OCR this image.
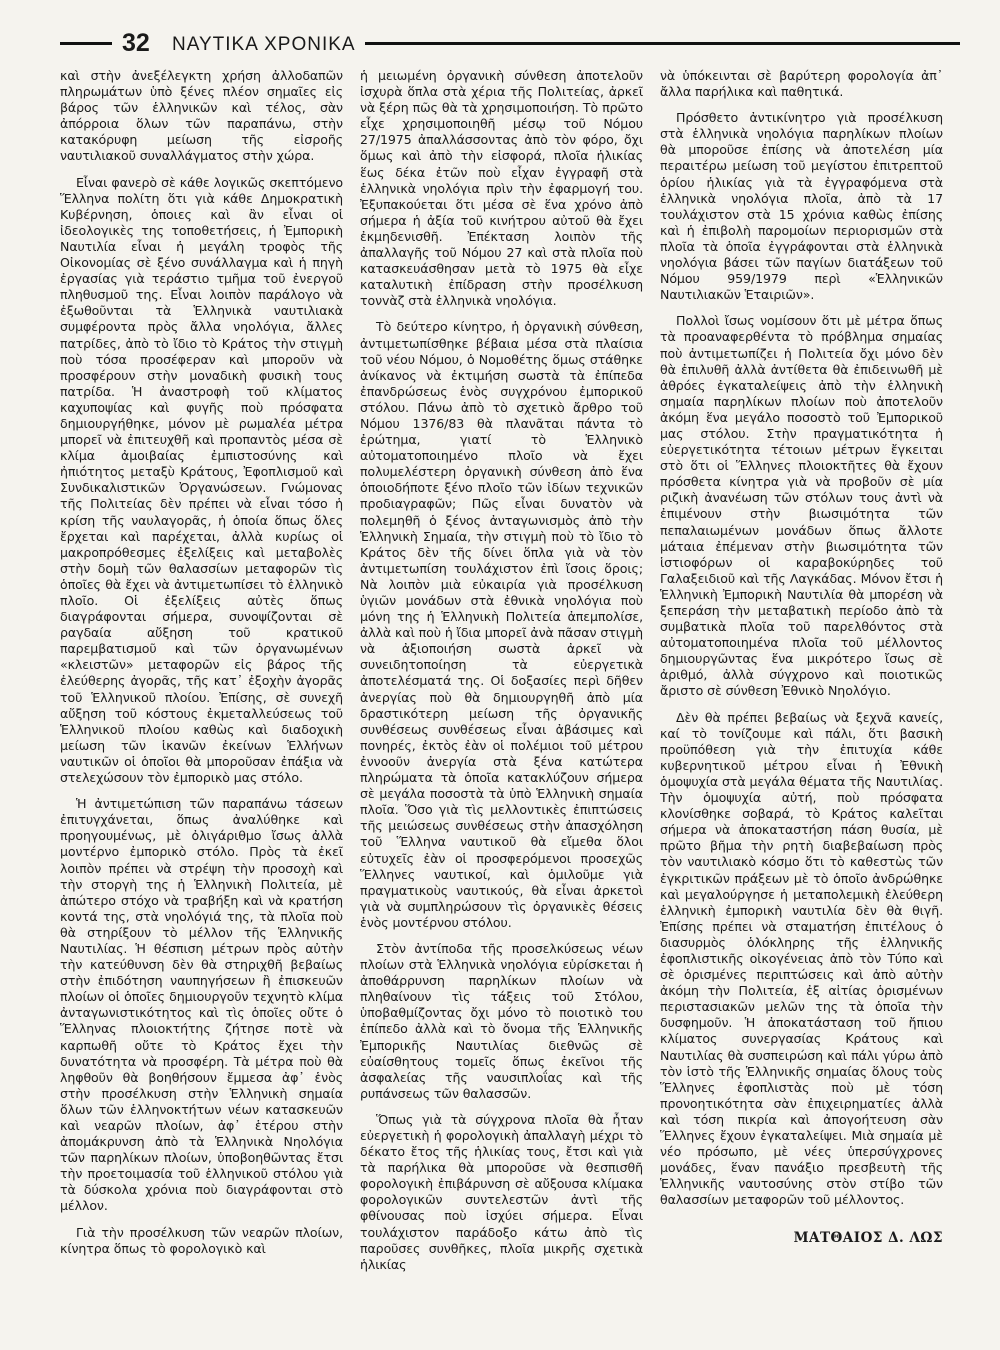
32 ΝΑΥΤΙΚΑ ΧΡΟΝΙΚΑ

καὶ στὴν ἀνεξέλεγκτη χρήση ἀλλοδαπῶν πληρωμάτων ὑπὸ ξένες πλέον σημαῖες εἰς βάρος τῶν ἑλληνικῶν καὶ τέλος, σὰν ἀπόρροια ὅλων τῶν παραπάνω, στὴν κατακόρυφη μείωση τῆς εἰσροῆς ναυτιλιακοῦ συναλλάγματος στὴν χώρα.

Εἶναι φανερὸ σὲ κάθε λογικῶς σκεπτόμενο Ἕλληνα πολίτη ὅτι γιὰ κάθε Δημοκρατικὴ Κυβέρνηση, ὁποιες καὶ ἂν εἶναι οἱ ἰδεολογικὲς της τοποθετήσεις, ἡ Ἐμπορικὴ Ναυτιλία εἶναι ἡ μεγάλη τροφὸς τῆς Οἰκονομίας σὲ ξένο συνάλλαγμα καὶ ἡ πηγὴ ἐργασίας γιὰ τεράστιο τμῆμα τοῦ ἐνεργοῦ πληθυσμοῦ της. Εἶναι λοιπὸν παράλογο νὰ ἐξωθοῦνται τὰ Ἑλληνικὰ ναυτιλιακὰ συμφέροντα πρὸς ἄλλα νηολόγια, ἄλλες πατρίδες, ἀπὸ τὸ ἴδιο τὸ Κράτος τὴν στιγμὴ ποὺ τόσα προσέφεραν καὶ μποροῦν νὰ προσφέρουν στὴν μοναδικὴ φυσικὴ τους πατρίδα. Ἡ ἀναστροφὴ τοῦ κλίματος καχυποψίας καὶ φυγῆς ποὺ πρόσφατα δημιουργήθηκε, μόνον μὲ ρωμαλέα μέτρα μπορεῖ νὰ ἐπιτευχθῆ καὶ προπαντὸς μέσα σὲ κλίμα ἀμοιβαίας ἐμπιστοσύνης καὶ ἠπιότητος μεταξὺ Κράτους, Ἐφοπλισμοῦ καὶ Συνδικαλιστικῶν Ὀργανώσεων. Γνώμονας τῆς Πολιτείας δὲν πρέπει νὰ εἶναι τόσο ἡ κρίση τῆς ναυλαγορᾶς, ἡ ὁποία ὅπως ὅλες ἔρχεται καὶ παρέχεται, ἀλλὰ κυρίως οἱ μακροπρόθεσμες ἐξελίξεις καὶ μεταβολὲς στὴν δομὴ τῶν θαλασσίων μεταφορῶν τὶς ὁποῖες θὰ ἔχει νὰ ἀντιμετωπίσει τὸ ἑλληνικὸ πλοῖο. Οἱ ἐξελίξεις αὐτὲς ὅπως διαγράφονται σήμερα, συνοψίζονται σὲ ραγδαία αὔξηση τοῦ κρατικοῦ παρεμβατισμοῦ καὶ τῶν ὀργανωμένων «κλειστῶν» μεταφορῶν εἰς βάρος τῆς ἐλεύθερης ἀγορᾶς, τῆς κατ᾽ ἐξοχὴν ἀγορᾶς τοῦ Ἑλληνικοῦ πλοίου. Ἐπίσης, σὲ συνεχῆ αὔξηση τοῦ κόστους ἐκμεταλλεύσεως τοῦ Ἑλληνικοῦ πλοίου καθὼς καὶ διαδοχικὴ μείωση τῶν ἱκανῶν ἐκείνων Ἑλλήνων ναυτικῶν οἱ ὁποῖοι θὰ μποροῦσαν ἐπάξια νὰ στελεχώσουν τὸν ἐμπορικὸ μας στόλο.

Ἡ ἀντιμετώπιση τῶν παραπάνω τάσεων ἐπιτυγχάνεται, ὅπως ἀναλύθηκε καὶ προηγουμένως, μὲ ὀλιγάριθμο ἴσως ἀλλὰ μοντέρνο ἐμπορικὸ στόλο. Πρὸς τὰ ἐκεῖ λοιπὸν πρέπει νὰ στρέψη τὴν προσοχὴ καὶ τὴν στοργὴ της ἡ Ἑλληνικὴ Πολιτεία, μὲ ἀπώτερο στόχο νὰ τραβήξη καὶ νὰ κρατήση κοντά της, στὰ νηολόγιά της, τὰ πλοῖα ποὺ θὰ στηρίξουν τὸ μέλλον τῆς Ἑλληνικῆς Ναυτιλίας. Ἡ θέσπιση μέτρων πρὸς αὐτὴν τὴν κατεύθυνση δὲν θὰ στηριχθῆ βεβαίως στὴν ἐπιδότηση ναυπηγήσεων ἢ ἐπισκευῶν πλοίων οἱ ὁποῖες δημιουργοῦν τεχνητὸ κλίμα ἀνταγωνιστικότητος καὶ τὶς ὁποῖες οὔτε ὁ Ἕλληνας πλοιοκτήτης ζήτησε ποτὲ νὰ καρπωθῆ οὔτε τὸ Κράτος ἔχει τὴν δυνατότητα νὰ προσφέρη. Τὰ μέτρα ποὺ θὰ ληφθοῦν θὰ βοηθήσουν ἔμμεσα ἀφ᾽ ἑνὸς στὴν προσέλκυση στὴν Ἑλληνικὴ σημαία ὅλων τῶν ἑλληνοκτήτων νέων κατασκευῶν καὶ νεαρῶν πλοίων, ἀφ᾽ ἑτέρου στὴν ἀπομάκρυνση ἀπὸ τὰ Ἑλληνικὰ Νηολόγια τῶν παρηλίκων πλοίων, ὑποβοηθῶντας ἔτσι τὴν προετοιμασία τοῦ ἑλληνικοῦ στόλου γιὰ τὰ δύσκολα χρόνια ποὺ διαγράφονται στὸ μέλλον.

Γιὰ τὴν προσέλκυση τῶν νεαρῶν πλοίων, κίνητρα ὅπως τὸ φορολογικὸ καὶ

ἡ μειωμένη ὀργανικὴ σύνθεση ἀποτελοῦν ἰσχυρὰ ὅπλα στὰ χέρια τῆς Πολιτείας, ἀρκεῖ νὰ ξέρη πῶς θὰ τὰ χρησιμοποιήση. Τὸ πρῶτο εἶχε χρησιμοποιηθῆ μέσῳ τοῦ Νόμου 27/1975 ἀπαλλάσσοντας ἀπὸ τὸν φόρο, ὄχι ὅμως καὶ ἀπὸ τὴν εἰσφορά, πλοῖα ἡλικίας ἕως δέκα ἐτῶν ποὺ εἶχαν ἐγγραφῆ στὰ ἑλληνικὰ νηολόγια πρὶν τὴν ἐφαρμογή του. Ἐξυπακούεται ὅτι μέσα σὲ ἕνα χρόνο ἀπὸ σήμερα ἡ ἀξία τοῦ κινήτρου αὐτοῦ θὰ ἔχει ἐκμηδενισθῆ. Ἐπέκταση λοιπὸν τῆς ἀπαλλαγῆς τοῦ Νόμου 27 καὶ στὰ πλοῖα ποὺ κατασκευάσθησαν μετὰ τὸ 1975 θὰ εἶχε καταλυτικὴ ἐπίδραση στὴν προσέλκυση τονvὰζ στὰ ἑλληνικὰ νηολόγια.

Τὸ δεύτερο κίνητρο, ἡ ὀργανικὴ σύνθεση, ἀντιμετωπίσθηκε βέβαια μέσα στὰ πλαίσια τοῦ νέου Νόμου, ὁ Νομοθέτης ὅμως στάθηκε ἀνίκανος νὰ ἐκτιμήση σωστὰ τὰ ἐπίπεδα ἐπανδρώσεως ἑνὸς συγχρόνου ἐμπορικοῦ στόλου. Πάνω ἀπὸ τὸ σχετικὸ ἄρθρο τοῦ Νόμου 1376/83 θὰ πλανᾶται πάντα τὸ ἐρώτημα, γιατί τὸ Ἑλληνικὸ αὐτοματοποιημένο πλοῖο νὰ ἔχει πολυμελέστερη ὀργανικὴ σύνθεση ἀπὸ ἕνα ὁποιοδήποτε ξένο πλοῖο τῶν ἰδίων τεχνικῶν προδιαγραφῶν; Πῶς εἶναι δυνατὸν νὰ πολεμηθῆ ὁ ξένος ἀνταγωνισμὸς ἀπὸ τὴν Ἑλληνικὴ Σημαία, τὴν στιγμὴ ποὺ τὸ ἴδιο τὸ Κράτος δὲν τῆς δίνει ὅπλα γιὰ νὰ τὸν ἀντιμετωπίση τουλάχιστον ἐπὶ ἴσοις ὅροις; Νὰ λοιπὸν μιὰ εὐκαιρία γιὰ προσέλκυση ὑγιῶν μονάδων στὰ ἐθνικὰ νηολόγια ποὺ μόνη της ἡ Ἑλληνικὴ Πολιτεία ἀπεμπολίσε, ἀλλὰ καὶ ποὺ ἡ ἴδια μπορεῖ ἀνὰ πᾶσαν στιγμὴ νὰ ἀξιοποιήση σωστὰ ἀρκεῖ νὰ συνειδητοποίηση τὰ εὐεργετικὰ ἀποτελέσματά της. Οἱ δοξασίες περὶ δῆθεν ἀνεργίας ποὺ θὰ δημιουργηθῆ ἀπὸ μία δραστικότερη μείωση τῆς ὀργανικῆς συνθέσεως συνθέσεως εἶναι ἀβάσιμες καὶ πονηρές, ἐκτὸς ἐὰν οἱ πολέμιοι τοῦ μέτρου ἐννοοῦν ἀνεργία στὰ ξένα κατώτερα πληρώματα τὰ ὁποῖα κατακλύζουν σήμερα σὲ μεγάλα ποσοστὰ τὰ ὑπὸ Ἑλληνικὴ σημαία πλοῖα. Ὅσο γιὰ τὶς μελλοντικὲς ἐπιπτώσεις τῆς μειώσεως συνθέσεως στὴν ἀπασχόληση τοῦ Ἕλληνα ναυτικοῦ θὰ εἴμεθα ὅλοι εὐτυχεῖς ἐὰν οἱ προσφερόμενοι προσεχῶς Ἕλληνες ναυτικοί, καὶ ὁμιλοῦμε γιὰ πραγματικοὺς ναυτικούς, θὰ εἶναι ἀρκετοὶ γιὰ νὰ συμπληρώσουν τὶς ὀργανικὲς θέσεις ἑνὸς μοντέρνου στόλου.

Στὸν ἀντίποδα τῆς προσελκύσεως νέων πλοίων στὰ Ἑλληνικὰ νηολόγια εὑρίσκεται ἡ ἀποθάρρυνση παρηλίκων πλοίων νὰ πληθαίνουν τὶς τάξεις τοῦ Στόλου, ὑποβαθμίζοντας ὄχι μόνο τὸ ποιοτικὸ του ἐπίπεδο ἀλλὰ καὶ τὸ ὄνομα τῆς Ἑλληνικῆς Ἐμπορικῆς Ναυτιλίας διεθνῶς σὲ εὐαίσθητους τομεῖς ὅπως ἐκεῖνοι τῆς ἀσφαλείας τῆς ναυσιπλοΐας καὶ τῆς ρυπάνσεως τῶν θαλασσῶν.

Ὅπως γιὰ τὰ σύγχρονα πλοῖα θὰ ἦταν εὐεργετικὴ ἡ φορολογικὴ ἀπαλλαγὴ μέχρι τὸ δέκατο ἔτος τῆς ἡλικίας τους, ἔτσι καὶ γιὰ τὰ παρήλικα θὰ μποροῦσε νὰ θεσπισθῆ φορολογικὴ ἐπιβάρυνση σὲ αὔξουσα κλίμακα φορολογικῶν συντελεστῶν ἀντὶ τῆς φθίνουσας ποὺ ἰσχύει σήμερα. Εἶναι τουλάχιστον παράδοξο κάτω ἀπὸ τὶς παροῦσες συνθῆκες, πλοῖα μικρῆς σχετικὰ ἡλικίας

νὰ ὑπόκεινται σὲ βαρύτερη φορολογία ἀπ᾽ ἄλλα παρήλικα καὶ παθητικά.

Πρόσθετο ἀντικίνητρο γιὰ προσέλκυση στὰ ἑλληνικὰ νηολόγια παρηλίκων πλοίων θὰ μποροῦσε ἐπίσης νὰ ἀποτελέση μία περαιτέρω μείωση τοῦ μεγίστου ἐπιτρεπτοῦ ὁρίου ἡλικίας γιὰ τὰ ἐγγραφόμενα στὰ ἑλληνικὰ νηολόγια πλοῖα, ἀπὸ τὰ 17 τουλάχιστον στὰ 15 χρόνια καθὼς ἐπίσης καὶ ἡ ἐπιβολὴ παρομοίων περιορισμῶν στὰ πλοῖα τὰ ὁποῖα ἐγγράφονται στὰ ἑλληνικὰ νηολόγια βάσει τῶν παγίων διατάξεων τοῦ Νόμου 959/1979 περὶ «Ἑλληνικῶν Ναυτιλιακῶν Ἑταιριῶν».

Πολλοὶ ἴσως νομίσουν ὅτι μὲ μέτρα ὅπως τὰ προαναφερθέντα τὸ πρόβλημα σημαίας ποὺ ἀντιμετωπίζει ἡ Πολιτεία ὄχι μόνο δὲν θὰ ἐπιλυθῆ ἀλλὰ ἀντίθετα θὰ ἐπιδεινωθῆ μὲ ἀθρόες ἐγκαταλείψεις ἀπὸ τὴν ἑλληνικὴ σημαία παρηλίκων πλοίων ποὺ ἀποτελοῦν ἀκόμη ἕνα μεγάλο ποσοστὸ τοῦ Ἐμπορικοῦ μας στόλου. Στὴν πραγματικότητα ἡ εὐεργετικότητα τέτοιων μέτρων ἔγκειται στὸ ὅτι οἱ Ἕλληνες πλοιοκτῆτες θὰ ἔχουν πρόσθετα κίνητρα γιὰ νὰ προβοῦν σὲ μία ριζικὴ ἀνανέωση τῶν στόλων τους ἀντὶ νὰ ἐπιμένουν στὴν βιωσιμότητα τῶν πεπαλαιωμένων μονάδων ὅπως ἄλλοτε μάταια ἐπέμεναν στὴν βιωσιμότητα τῶν ἱστιοφόρων οἱ καραβοκύρηδες τοῦ Γαλαξειδιοῦ καὶ τῆς Λαγκάδας. Μόνον ἔτσι ἡ Ἑλληνικὴ Ἐμπορικὴ Ναυτιλία θὰ μπορέση νὰ ξεπεράση τὴν μεταβατικὴ περίοδο ἀπὸ τὰ συμβατικὰ πλοῖα τοῦ παρελθόντος στὰ αὐτοματοποιημένα πλοῖα τοῦ μέλλοντος δημιουργῶντας ἕνα μικρότερο ἴσως σὲ ἀριθμό, ἀλλὰ σύγχρονο καὶ ποιοτικῶς ἄριστο σὲ σύνθεση Ἐθνικὸ Νηολόγιο.

Δὲν θὰ πρέπει βεβαίως νὰ ξεχνᾶ κανείς, καί τὸ τονίζουμε καὶ πάλι, ὅτι βασικὴ προϋπόθεση γιὰ τὴν ἐπιτυχία κάθε κυβερνητικοῦ μέτρου εἶναι ἡ Ἐθνικὴ ὁμοψυχία στὰ μεγάλα θέματα τῆς Ναυτιλίας. Τὴν ὁμοψυχία αὐτή, ποὺ πρόσφατα κλονίσθηκε σοβαρά, τὸ Κράτος καλεῖται σήμερα νὰ ἀποκαταστήση πάση θυσία, μὲ πρῶτο βῆμα τὴν ρητὴ διαβεβαίωση πρὸς τὸν ναυτιλιακὸ κόσμο ὅτι τὸ καθεστὼς τῶν ἐγκριτικῶν πράξεων μὲ τὸ ὁποῖο ἀνδρώθηκε καὶ μεγαλούργησε ἡ μεταπολεμικὴ ἐλεύθερη ἑλληνικὴ ἐμπορικὴ ναυτιλία δὲν θὰ θιγῆ. Ἐπίσης πρέπει νὰ σταματήση ἐπιτέλους ὁ διασυρμὸς ὁλόκληρης τῆς ἑλληνικῆς ἐφοπλιστικῆς οἰκογένειας ἀπὸ τὸν Τύπο καὶ σὲ ὁρισμένες περιπτώσεις καὶ ἀπὸ αὐτὴν ἀκόμη τὴν Πολιτεία, ἐξ αἰτίας ὁρισμένων περιστασιακῶν μελῶν της τὰ ὁποῖα τὴν δυσφημοῦν. Ἡ ἀποκατάσταση τοῦ ἤπιου κλίματος συνεργασίας Κράτους καὶ Ναυτιλίας θὰ συσπειρώση καὶ πάλι γύρω ἀπὸ τὸν ἱστὸ τῆς Ἑλληνικῆς σημαίας ὅλους τοὺς Ἕλληνες ἐφοπλιστὰς ποὺ μὲ τόση προνοητικότητα σὰν ἐπιχειρηματίες ἀλλὰ καὶ τόση πικρία καὶ ἀπογοήτευση σὰν Ἕλληνες ἔχουν ἐγκαταλείψει. Μιὰ σημαία μὲ νέο πρόσωπο, μὲ νέες ὑπερσύγχρονες μονάδες, ἕναν πανάξιο πρεσβευτὴ τῆς Ἑλληνικῆς ναυτοσύνης στὸν στίβο τῶν θαλασσίων μεταφορῶν τοῦ μέλλοντος.

ΜΑΤΘΑΙΟΣ Δ. ΛΩΣ
